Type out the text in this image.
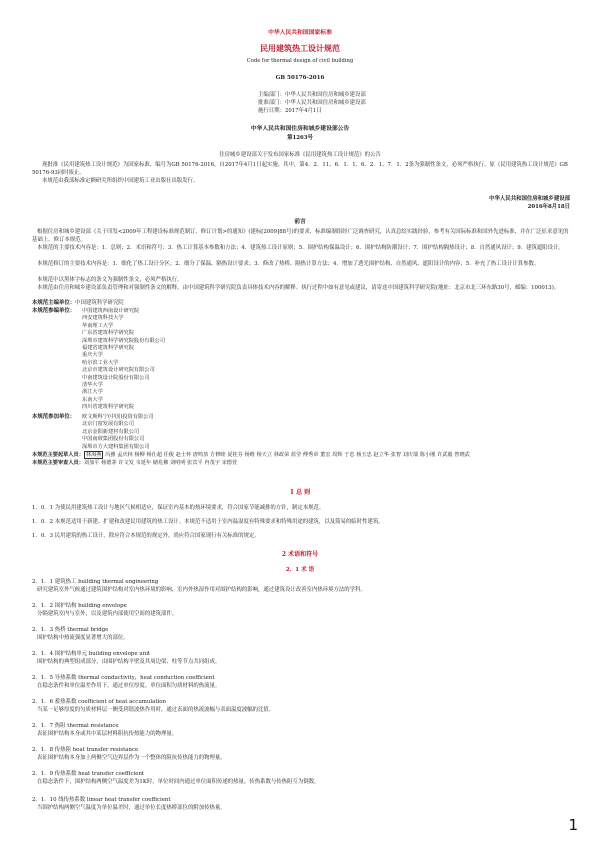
中华人民共和国国家标准
民用建筑热工设计规范
Code for thermal design of civil building
GB 50176-2016
主编部门：中华人民共和国住房和城乡建设部
批准部门：中华人民共和国住房和城乡建设部
施行日期：2017年4月1日
中华人民共和国住房和城乡建设部公告
第1263号
住房城乡建设部关于发布国家标准《民用建筑热工设计规范》的公告
现批准《民用建筑热工设计规范》为国家标准，编号为GB 50176-2016，自2017年4月1日起实施。其中，第4．2．11、6．1．1、6．2．1、7．1．2条为强制性条文，必须严格执行。原《民用建筑热工设计规范》GB 50176-93同时废止。
本规范由我部标准定额研究所组织中国建筑工业出版社出版发行。
中华人民共和国住房和城乡建设部
2016年8月18日
前言
根据住房和城乡建设部《关于印发<2009年工程建设标准规范制订、修订计划>的通知》(建标[2009]88号)的要求，标准编制组经广泛调查研究，认真总结实践经验，参考有关国际标准和国外先进标准，并在广泛征求意见的基础上，修订本规范。
本规范的主要技术内容是：1．总则；2．术语和符号；3．热工计算基本参数和方法；4．建筑热工设计原则；5．围护结构保温设计；6．围护结构防潮设计；7．围护结构隔热设计；8．自然通风设计；9．建筑遮阳设计。
本规范修订的主要技术内容是：1．细化了热工设计分区；2．细分了保温、隔热设计要求；3．修改了热桥、隔热计算方法；4．增加了透光围护结构、自然通风、遮阳设计的内容；5．补充了热工设计计算参数。
本规范中以黑体字标志的条文为强制性条文，必须严格执行。
本规范由住房和城乡建设部负责管理和对强制性条文的解释，由中国建筑科学研究院负责具体技术内容的解释。执行过程中如有意见或建议，请寄送中国建筑科学研究院(地址：北京市北三环东路30号，邮编：100013)。
本规范主编单位：中国建筑科学研究院
本规范参编单位： 中国建筑西南设计研究院
西安建筑科技大学
华南理工大学
广东省建筑科学研究院
深圳市建筑科学研究院股份有限公司
福建省建筑科学研究院
重庆大学
哈尔滨工业大学
北京市建筑设计研究院有限公司
中南建筑设计院股份有限公司
清华大学
浙江大学
东南大学
四川省建筑科学研究院
本规范参加单位： 欧文斯科宁(中国)投资有限公司
北京门窗发展有限公司
北京金阳新建材有限公司
中国南玻集团股份有限公司
深圳市方大建科集团有限公司
本规范主要起草人员： 林海燕 冯雅 孟庆林 杨柳 杨仕超 任俊 赵士怀 唐鸣放 方修睦 夏桂芬 杨维 杨天立 林政荣 蓝莹 傅秀章 董宏 周辉 于忠 杨玉忠 赵立华 张智 刘庆瑞 陈小刚 许武毅 曾晓武
本规范主要审查人员：刘加平 杨德茅 许文发 韦延年 储兆佛 刘明明 张宾平 冉茂宇 宋德萱
1 总 则
1．0．1 为使民用建筑热工设计与地区气候相适应，保证室内基本的热环境要求，符合国家节能减排的方针，制定本规范。
1．0．2 本规范适用于新建、扩建和改建民用建筑的热工设计。本规范不适用于室内温湿度有特殊要求和特殊用途的建筑，以及简易的临时性建筑。
1．0．3 民用建筑的热工设计，除应符合本规范的规定外，尚应符合国家现行有关标准的规定。
2 术语和符号
2．1 术 语
2．1．1 建筑热工 building thermal engineering
研究建筑室外气候通过建筑围护结构对室内热环境的影响、室内外热湿作用对围护结构的影响，通过建筑设计改善室内热环境方法的学科。
2．1．2 围护结构 building envelope
分隔建筑室内与室外，以及建筑内部使用空间的建筑部件。
2．1．3 热桥 thermal bridge
围护结构中热流强度显著增大的部位。
2．1．4 围护结构单元 building envelope unit
围护结构的典型组成部分，由围护结构平壁及其周边梁、柱等节点共同组成。
2．1．5 导热系数 thermal conductivity，heat conduction coefficient
在稳态条件和单位温差作用下，通过单位厚度、单位面积匀质材料的热流量。
2．1．6 蓄热系数 coefficient of heat accumulation
当某一足够厚度的匀质材料层一侧受到谐波热作用时，通过表面的热流波幅与表面温度波幅的比值。
2．1．7 热阻 thermal resistance
表征围护结构本身或其中某层材料阻抗传热能力的物理量。
2．1．8 传热阻 heat transfer resistance
表征围护结构本身加上两侧空气边界层作为一个整体的阻抗传热能力的物理量。
2．1．9 传热系数 heat transfer coefficient
在稳态条件下，围护结构两侧空气温度差为1K时，单位时间内通过单位面积传递的热量。传热系数与传热阻互为倒数。
2．1．10 线传热系数 linear heat transfer coefficient
当围护结构两侧空气温度为单位温差时，通过单位长度热桥部位的附加传热量。
1
